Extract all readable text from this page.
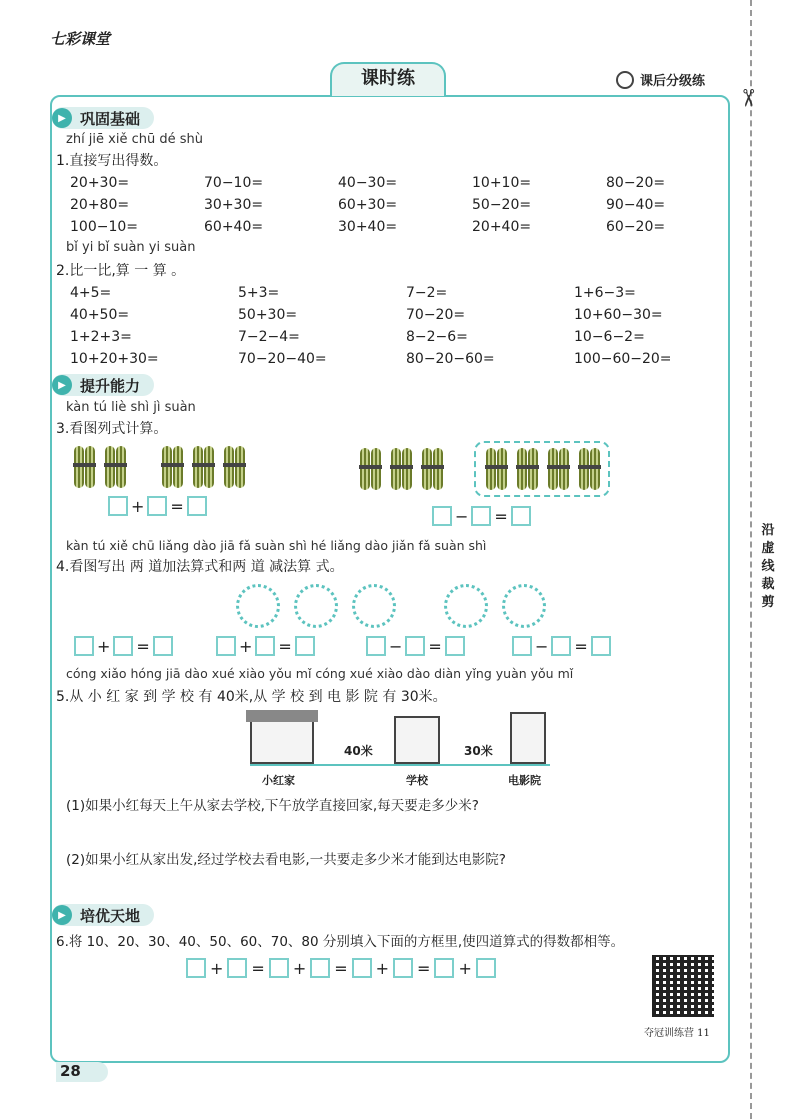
七彩课堂
课时练	课后分级练
✂
沿虚线裁剪
▶ 巩固基础
zhí jiē xiě chū dé shù
1.直接写出得数。
20+30=	70−10=	40−30=	10+10=	80−20=
20+80=	30+30=	60+30=	50−20=	90−40=
100−10=	60+40=	30+40=	20+40=	60−20=
bǐ yi bǐ suàn yi suàn
2.比一比,算 一 算 。
4+5=	5+3=	7−2=	1+6−3=
40+50=	50+30=	70−20=	10+60−30=
1+2+3=	7−2−4=	8−2−6=	10−6−2=
10+20+30=	70−20−40=	80−20−60=	100−60−20=
▶ 提升能力
kàn tú liè shì jì suàn
3.看图列式计算。
+ =
− =
kàn tú xiě chū liǎng dào jiā fǎ suàn shì hé liǎng dào jiǎn fǎ suàn shì
4.看图写出 两 道加法算式和两 道 减法算 式。
+ =	+ =	− =	− =
cóng xiǎo hóng jiā dào xué xiào yǒu mǐ cóng xué xiào dào diàn yǐng yuàn yǒu mǐ
5.从 小 红 家 到 学 校 有 40米,从 学 校 到 电 影 院 有 30米。
40米	30米
小红家	学校	电影院
(1)如果小红每天上午从家去学校,下午放学直接回家,每天要走多少米?
(2)如果小红从家出发,经过学校去看电影,一共要走多少米才能到达电影院?
▶ 培优天地
6.将 10、20、30、40、50、60、70、80 分别填入下面的方框里,使四道算式的得数都相等。
+ = + = + = +
夺冠训练营 11
28
